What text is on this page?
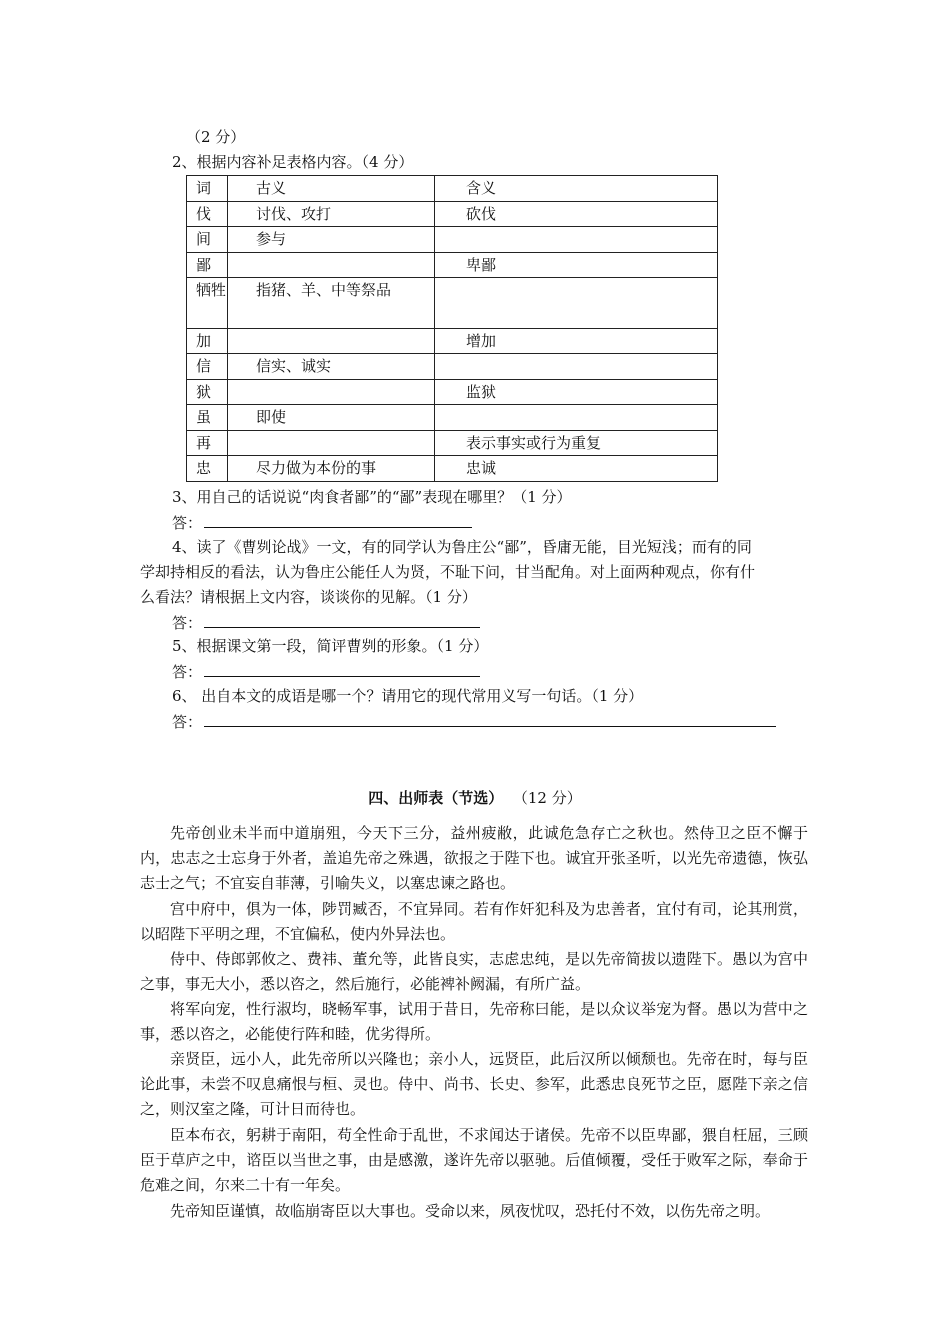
（2 分）
2、根据内容补足表格内容。（4 分）
词	古义	含义
伐	讨伐、攻打	砍伐
间	参与	
鄙		卑鄙
牺牲	指猪、羊、中等祭品	
加		增加
信	信实、诚实	
狱		监狱
虽	即使	
再		表示事实或行为重复
忠	尽力做为本份的事	忠诚
3、用自己的话说说“肉食者鄙”的“鄙”表现在哪里？（1 分）
答：
4、读了《曹刿论战》一文，有的同学认为鲁庄公“鄙”，昏庸无能，目光短浅；而有的同
学却持相反的看法，认为鲁庄公能任人为贤，不耻下问，甘当配角。对上面两种观点，你有什
么看法？请根据上文内容，谈谈你的见解。（1 分）
答：
5、根据课文第一段，简评曹刿的形象。（1 分）
答：
6、 出自本文的成语是哪一个？请用它的现代常用义写一句话。（1 分）
答：
四、出师表（节选） （12 分）
先帝创业未半而中道崩殂，今天下三分，益州疲敝，此诚危急存亡之秋也。然侍卫之臣不懈于内，忠志之士忘身于外者，盖追先帝之殊遇，欲报之于陛下也。诚宜开张圣听，以光先帝遗德，恢弘志士之气；不宜妄自菲薄，引喻失义，以塞忠谏之路也。
宫中府中，俱为一体，陟罚臧否，不宜异同。若有作奸犯科及为忠善者，宜付有司，论其刑赏，以昭陛下平明之理，不宜偏私，使内外异法也。
侍中、侍郎郭攸之、费祎、董允等，此皆良实，志虑忠纯，是以先帝简拔以遗陛下。愚以为宫中之事，事无大小，悉以咨之，然后施行，必能裨补阙漏，有所广益。
将军向宠，性行淑均，晓畅军事，试用于昔日，先帝称曰能，是以众议举宠为督。愚以为营中之事，悉以咨之，必能使行阵和睦，优劣得所。
亲贤臣，远小人，此先帝所以兴隆也；亲小人，远贤臣，此后汉所以倾颓也。先帝在时，每与臣论此事，未尝不叹息痛恨与桓、灵也。侍中、尚书、长史、参军，此悉忠良死节之臣，愿陛下亲之信之，则汉室之隆，可计日而待也。
臣本布衣，躬耕于南阳，苟全性命于乱世，不求闻达于诸侯。先帝不以臣卑鄙，猥自枉屈，三顾臣于草庐之中，谘臣以当世之事，由是感激，遂许先帝以驱驰。后值倾覆，受任于败军之际，奉命于危难之间，尔来二十有一年矣。
先帝知臣谨慎，故临崩寄臣以大事也。受命以来，夙夜忧叹，恐托付不效，以伤先帝之明。
